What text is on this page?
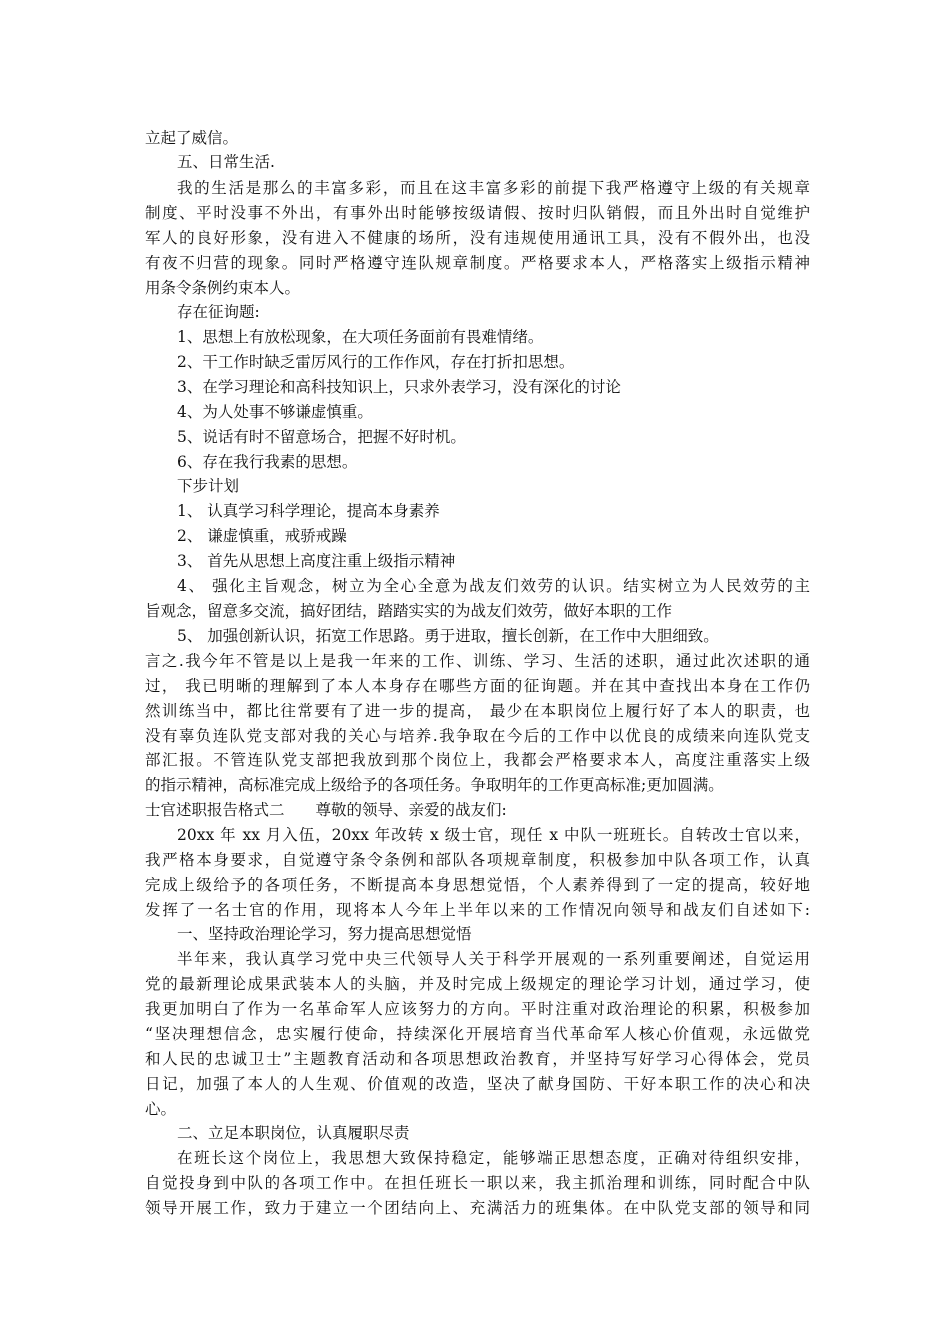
立起了威信。
五、日常生活.
我的生活是那么的丰富多彩，而且在这丰富多彩的前提下我严格遵守上级的有关规章
制度、平时没事不外出，有事外出时能够按级请假、按时归队销假，而且外出时自觉维护
军人的良好形象，没有进入不健康的场所，没有违规使用通讯工具，没有不假外出，也没
有夜不归营的现象。同时严格遵守连队规章制度。严格要求本人，严格落实上级指示精神
用条令条例约束本人。
存在征询题:
1、思想上有放松现象，在大项任务面前有畏难情绪。
2、干工作时缺乏雷厉风行的工作作风，存在打折扣思想。
3、在学习理论和高科技知识上，只求外表学习，没有深化的讨论
4、为人处事不够谦虚慎重。
5、说话有时不留意场合，把握不好时机。
6、存在我行我素的思想。
下步计划
1、 认真学习科学理论，提高本身素养
2、 谦虚慎重，戒骄戒躁
3、 首先从思想上高度注重上级指示精神
4、 强化主旨观念，树立为全心全意为战友们效劳的认识。结实树立为人民效劳的主
旨观念，留意多交流，搞好团结，踏踏实实的为战友们效劳，做好本职的工作
5、 加强创新认识，拓宽工作思路。勇于进取，擅长创新，在工作中大胆细致。
言之.我今年不管是以上是我一年来的工作、训练、学习、生活的述职，通过此次述职的通
过， 我已明晰的理解到了本人本身存在哪些方面的征询题。并在其中查找出本身在工作仍
然训练当中，都比往常要有了进一步的提高， 最少在本职岗位上履行好了本人的职责，也
没有辜负连队党支部对我的关心与培养.我争取在今后的工作中以优良的成绩来向连队党支
部汇报。不管连队党支部把我放到那个岗位上，我都会严格要求本人，高度注重落实上级
的指示精神，高标准完成上级给予的各项任务。争取明年的工作更高标准;更加圆满。
士官述职报告格式二　　尊敬的领导、亲爱的战友们:
20xx 年 xx 月入伍，20xx 年改转 x 级士官，现任 x 中队一班班长。自转改士官以来，
我严格本身要求，自觉遵守条令条例和部队各项规章制度，积极参加中队各项工作，认真
完成上级给予的各项任务，不断提高本身思想觉悟，个人素养得到了一定的提高，较好地
发挥了一名士官的作用，现将本人今年上半年以来的工作情况向领导和战友们自述如下:
一、坚持政治理论学习，努力提高思想觉悟
半年来，我认真学习党中央三代领导人关于科学开展观的一系列重要阐述，自觉运用
党的最新理论成果武装本人的头脑，并及时完成上级规定的理论学习计划，通过学习，使
我更加明白了作为一名革命军人应该努力的方向。平时注重对政治理论的积累，积极参加
“坚决理想信念，忠实履行使命，持续深化开展培育当代革命军人核心价值观，永远做党
和人民的忠诚卫士”主题教育活动和各项思想政治教育，并坚持写好学习心得体会，党员
日记，加强了本人的人生观、价值观的改造，坚决了献身国防、干好本职工作的决心和决
心。
二、立足本职岗位，认真履职尽责
在班长这个岗位上，我思想大致保持稳定，能够端正思想态度，正确对待组织安排，
自觉投身到中队的各项工作中。在担任班长一职以来，我主抓治理和训练，同时配合中队
领导开展工作，致力于建立一个团结向上、充满活力的班集体。在中队党支部的领导和同
